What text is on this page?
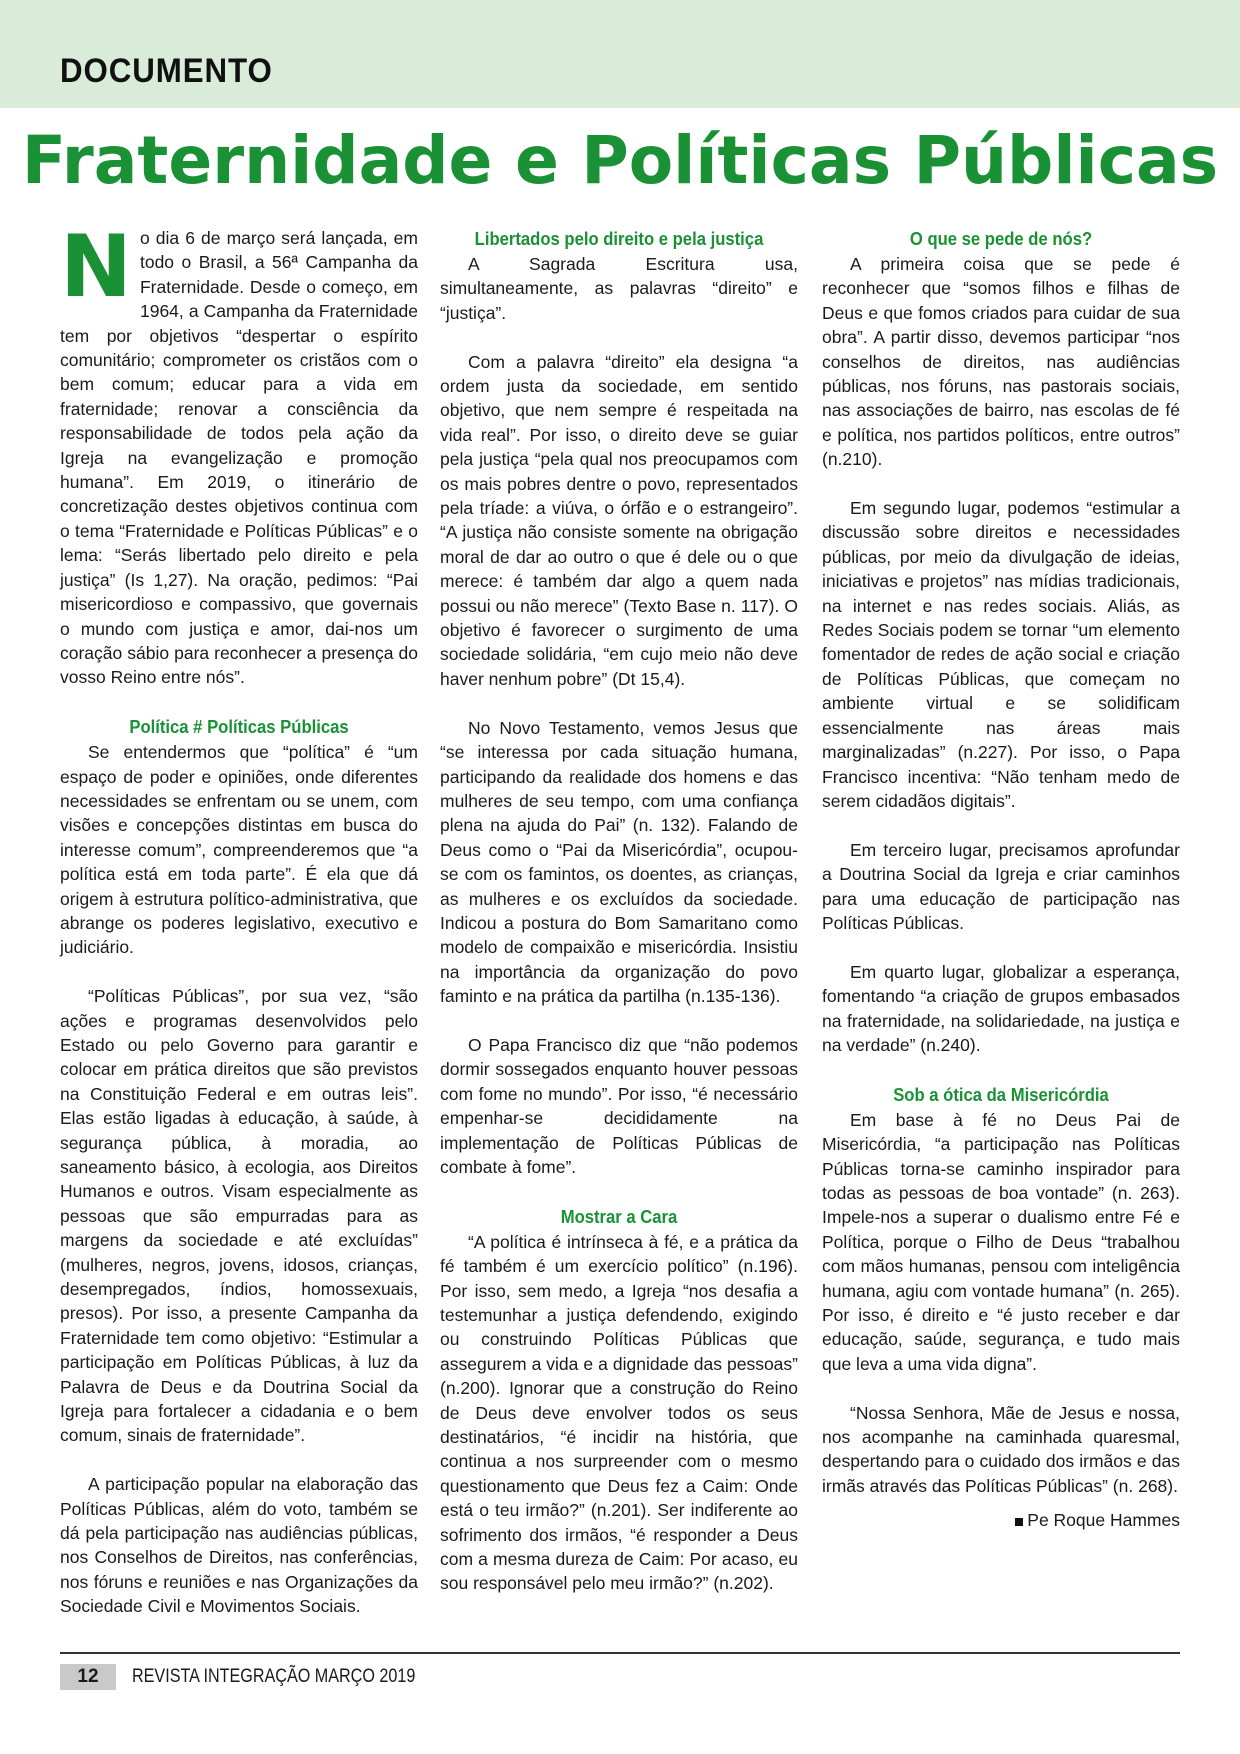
DOCUMENTO
Fraternidade e Políticas Públicas

No dia 6 de março será lançada, em todo o Brasil, a 56ª Campanha da Fraternidade. Desde o começo, em 1964, a Campanha da Fraternidade tem por objetivos “despertar o espírito comunitário; comprometer os cristãos com o bem comum; educar para a vida em fraternidade; renovar a consciência da responsabilidade de todos pela ação da Igreja na evangelização e promoção humana”. Em 2019, o itinerário de concretização destes objetivos continua com o tema “Fraternidade e Políticas Públicas” e o lema: “Serás libertado pelo direito e pela justiça” (Is 1,27). Na oração, pedimos: “Pai misericordioso e compassivo, que governais o mundo com justiça e amor, dai-nos um coração sábio para reconhecer a presença do vosso Reino entre nós”.

Política # Políticas Públicas

Se entendermos que “política” é “um espaço de poder e opiniões, onde diferentes necessidades se enfrentam ou se unem, com visões e concepções distintas em busca do interesse comum”, compreenderemos que “a política está em toda parte”. É ela que dá origem à estrutura político-administrativa, que abrange os poderes legislativo, executivo e judiciário.

“Políticas Públicas”, por sua vez, “são ações e programas desenvolvidos pelo Estado ou pelo Governo para garantir e colocar em prática direitos que são previstos na Constituição Federal e em outras leis”. Elas estão ligadas à educação, à saúde, à segurança pública, à moradia, ao saneamento básico, à ecologia, aos Direitos Humanos e outros. Visam especialmente as pessoas que são empurradas para as margens da sociedade e até excluídas” (mulheres, negros, jovens, idosos, crianças, desempregados, índios, homossexuais, presos). Por isso, a presente Campanha da Fraternidade tem como objetivo: “Estimular a participação em Políticas Públicas, à luz da Palavra de Deus e da Doutrina Social da Igreja para fortalecer a cidadania e o bem comum, sinais de fraternidade”.

A participação popular na elaboração das Políticas Públicas, além do voto, também se dá pela participação nas audiências públicas, nos Conselhos de Direitos, nas conferências, nos fóruns e reuniões e nas Organizações da Sociedade Civil e Movimentos Sociais.

Libertados pelo direito e pela justiça

A Sagrada Escritura usa, simultaneamente, as palavras “direito” e “justiça”.

Com a palavra “direito” ela designa “a ordem justa da sociedade, em sentido objetivo, que nem sempre é respeitada na vida real”. Por isso, o direito deve se guiar pela justiça “pela qual nos preocupamos com os mais pobres dentre o povo, representados pela tríade: a viúva, o órfão e o estrangeiro”. “A justiça não consiste somente na obrigação moral de dar ao outro o que é dele ou o que merece: é também dar algo a quem nada possui ou não merece” (Texto Base n. 117). O objetivo é favorecer o surgimento de uma sociedade solidária, “em cujo meio não deve haver nenhum pobre” (Dt 15,4).

No Novo Testamento, vemos Jesus que “se interessa por cada situação humana, participando da realidade dos homens e das mulheres de seu tempo, com uma confiança plena na ajuda do Pai” (n. 132). Falando de Deus como o “Pai da Misericórdia”, ocupou-se com os famintos, os doentes, as crianças, as mulheres e os excluídos da sociedade. Indicou a postura do Bom Samaritano como modelo de compaixão e misericórdia. Insistiu na importância da organização do povo faminto e na prática da partilha (n.135-136).

O Papa Francisco diz que “não podemos dormir sossegados enquanto houver pessoas com fome no mundo”. Por isso, “é necessário empenhar-se decididamente na implementação de Políticas Públicas de combate à fome”.

Mostrar a Cara

“A política é intrínseca à fé, e a prática da fé também é um exercício político” (n.196). Por isso, sem medo, a Igreja “nos desafia a testemunhar a justiça defendendo, exigindo ou construindo Políticas Públicas que assegurem a vida e a dignidade das pessoas” (n.200). Ignorar que a construção do Reino de Deus deve envolver todos os seus destinatários, “é incidir na história, que continua a nos surpreender com o mesmo questionamento que Deus fez a Caim: Onde está o teu irmão?” (n.201). Ser indiferente ao sofrimento dos irmãos, “é responder a Deus com a mesma dureza de Caim: Por acaso, eu sou responsável pelo meu irmão?” (n.202).

O que se pede de nós?

A primeira coisa que se pede é reconhecer que “somos filhos e filhas de Deus e que fomos criados para cuidar de sua obra”. A partir disso, devemos participar “nos conselhos de direitos, nas audiências públicas, nos fóruns, nas pastorais sociais, nas associações de bairro, nas escolas de fé e política, nos partidos políticos, entre outros” (n.210).

Em segundo lugar, podemos “estimular a discussão sobre direitos e necessidades públicas, por meio da divulgação de ideias, iniciativas e projetos” nas mídias tradicionais, na internet e nas redes sociais. Aliás, as Redes Sociais podem se tornar “um elemento fomentador de redes de ação social e criação de Políticas Públicas, que começam no ambiente virtual e se solidificam essencialmente nas áreas mais marginalizadas” (n.227). Por isso, o Papa Francisco incentiva: “Não tenham medo de serem cidadãos digitais”.

Em terceiro lugar, precisamos aprofundar a Doutrina Social da Igreja e criar caminhos para uma educação de participação nas Políticas Públicas.

Em quarto lugar, globalizar a esperança, fomentando “a criação de grupos embasados na fraternidade, na solidariedade, na justiça e na verdade” (n.240).

Sob a ótica da Misericórdia

Em base à fé no Deus Pai de Misericórdia, “a participação nas Políticas Públicas torna-se caminho inspirador para todas as pessoas de boa vontade” (n. 263). Impele-nos a superar o dualismo entre Fé e Política, porque o Filho de Deus “trabalhou com mãos humanas, pensou com inteligência humana, agiu com vontade humana” (n. 265). Por isso, é direito e “é justo receber e dar educação, saúde, segurança, e tudo mais que leva a uma vida digna”.

“Nossa Senhora, Mãe de Jesus e nossa, nos acompanhe na caminhada quaresmal, despertando para o cuidado dos irmãos e das irmãs através das Políticas Públicas” (n. 268).

Pe Roque Hammes
12	REVISTA INTEGRAÇÃO MARÇO 2019
